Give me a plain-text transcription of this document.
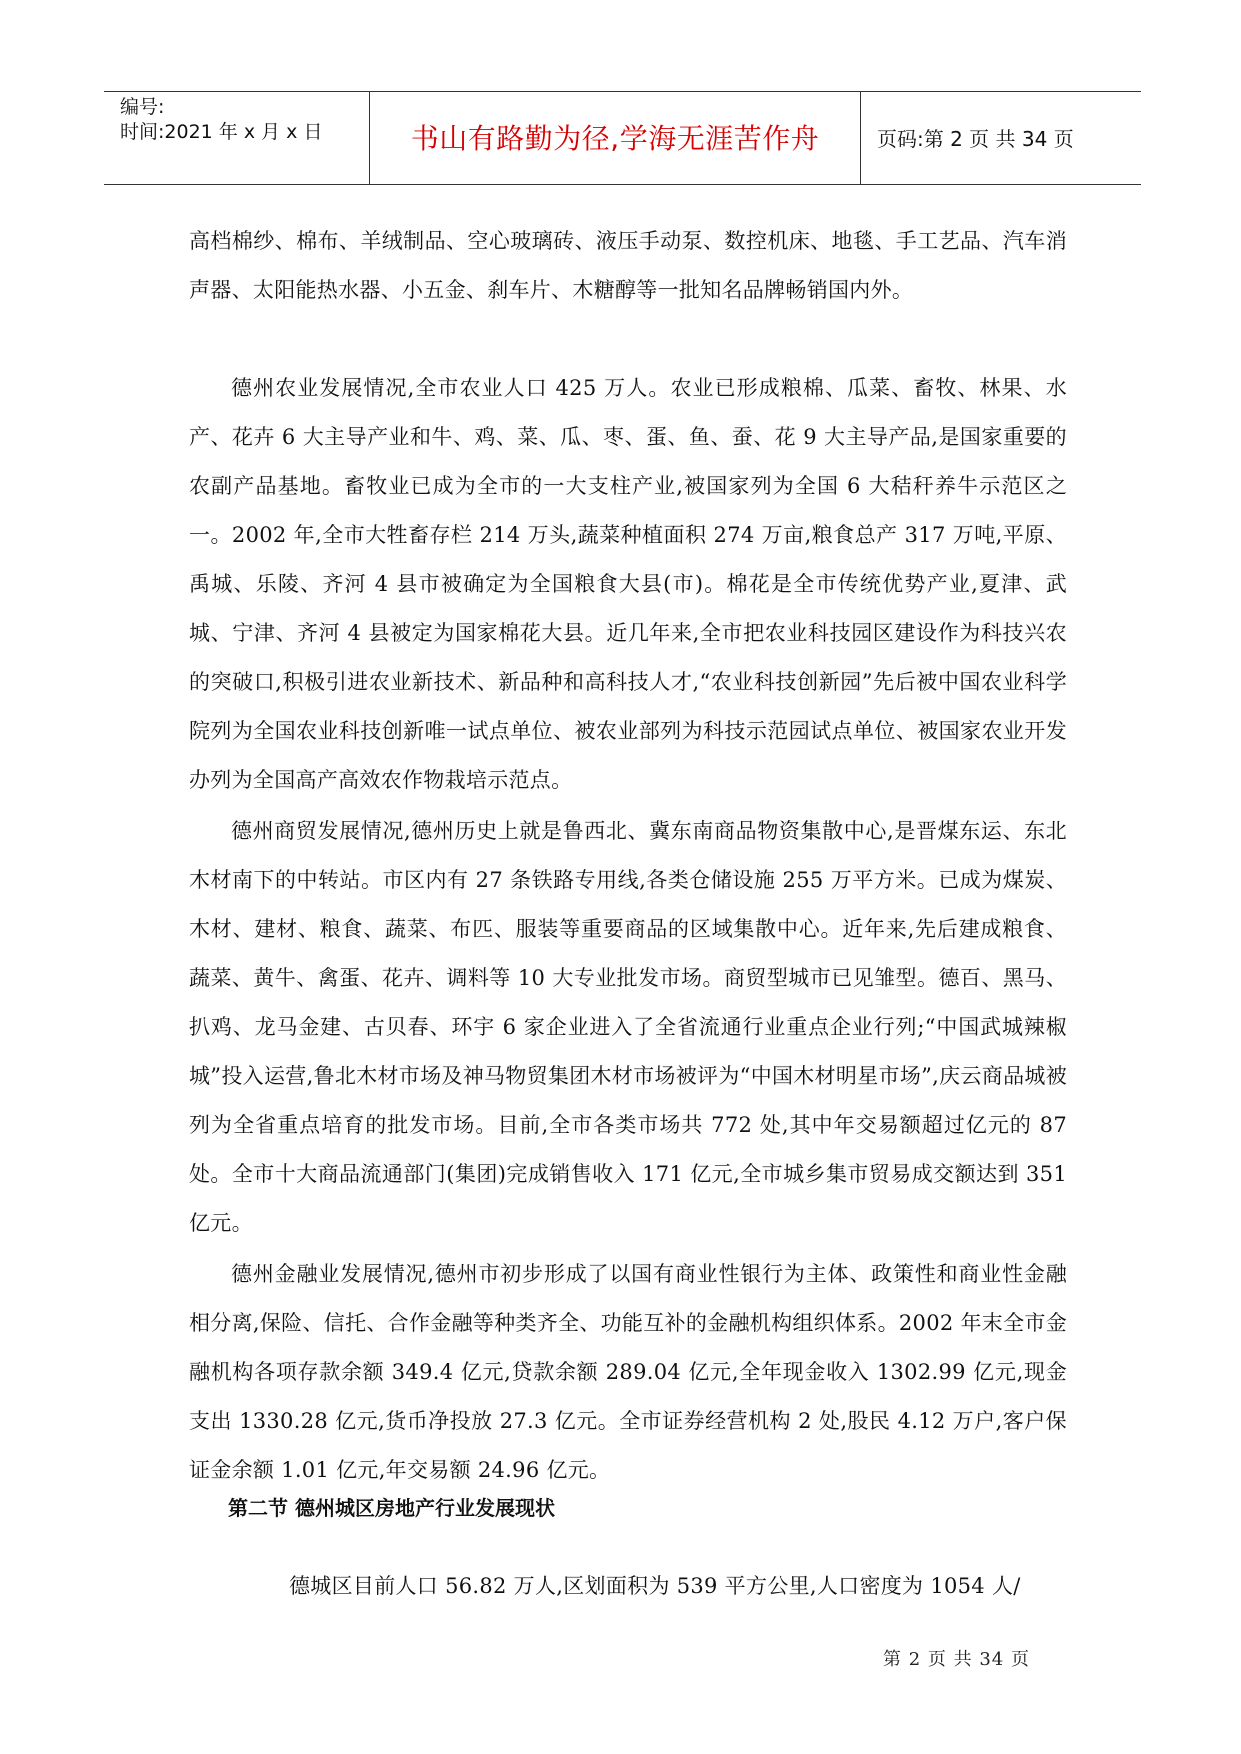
编号:
时间:2021 年 x 月 x 日	书山有路勤为径,学海无涯苦作舟	页码:第 2 页 共 34 页

高档棉纱、棉布、羊绒制品、空心玻璃砖、液压手动泵、数控机床、地毯、手工艺品、汽车消声器、太阳能热水器、小五金、刹车片、木糖醇等一批知名品牌畅销国内外。

德州农业发展情况,全市农业人口 425 万人。农业已形成粮棉、瓜菜、畜牧、林果、水产、花卉 6 大主导产业和牛、鸡、菜、瓜、枣、蛋、鱼、蚕、花 9 大主导产品,是国家重要的农副产品基地。畜牧业已成为全市的一大支柱产业,被国家列为全国 6 大秸秆养牛示范区之一。2002 年,全市大牲畜存栏 214 万头,蔬菜种植面积 274 万亩,粮食总产 317 万吨,平原、禹城、乐陵、齐河 4 县市被确定为全国粮食大县(市)。棉花是全市传统优势产业,夏津、武城、宁津、齐河 4 县被定为国家棉花大县。近几年来,全市把农业科技园区建设作为科技兴农的突破口,积极引进农业新技术、新品种和高科技人才,“农业科技创新园”先后被中国农业科学院列为全国农业科技创新唯一试点单位、被农业部列为科技示范园试点单位、被国家农业开发办列为全国高产高效农作物栽培示范点。

德州商贸发展情况,德州历史上就是鲁西北、冀东南商品物资集散中心,是晋煤东运、东北木材南下的中转站。市区内有 27 条铁路专用线,各类仓储设施 255 万平方米。已成为煤炭、木材、建材、粮食、蔬菜、布匹、服装等重要商品的区域集散中心。近年来,先后建成粮食、蔬菜、黄牛、禽蛋、花卉、调料等 10 大专业批发市场。商贸型城市已见雏型。德百、黑马、扒鸡、龙马金建、古贝春、环宇 6 家企业进入了全省流通行业重点企业行列;“中国武城辣椒城”投入运营,鲁北木材市场及神马物贸集团木材市场被评为“中国木材明星市场”,庆云商品城被列为全省重点培育的批发市场。目前,全市各类市场共 772 处,其中年交易额超过亿元的 87 处。全市十大商品流通部门(集团)完成销售收入 171 亿元,全市城乡集市贸易成交额达到 351 亿元。

德州金融业发展情况,德州市初步形成了以国有商业性银行为主体、政策性和商业性金融相分离,保险、信托、合作金融等种类齐全、功能互补的金融机构组织体系。2002 年末全市金融机构各项存款余额 349.4 亿元,贷款余额 289.04 亿元,全年现金收入 1302.99 亿元,现金支出 1330.28 亿元,货币净投放 27.3 亿元。全市证券经营机构 2 处,股民 4.12 万户,客户保证金余额 1.01 亿元,年交易额 24.96 亿元。

第二节 德州城区房地产行业发展现状

德城区目前人口 56.82 万人,区划面积为 539 平方公里,人口密度为 1054 人/

第 2 页 共 34 页
